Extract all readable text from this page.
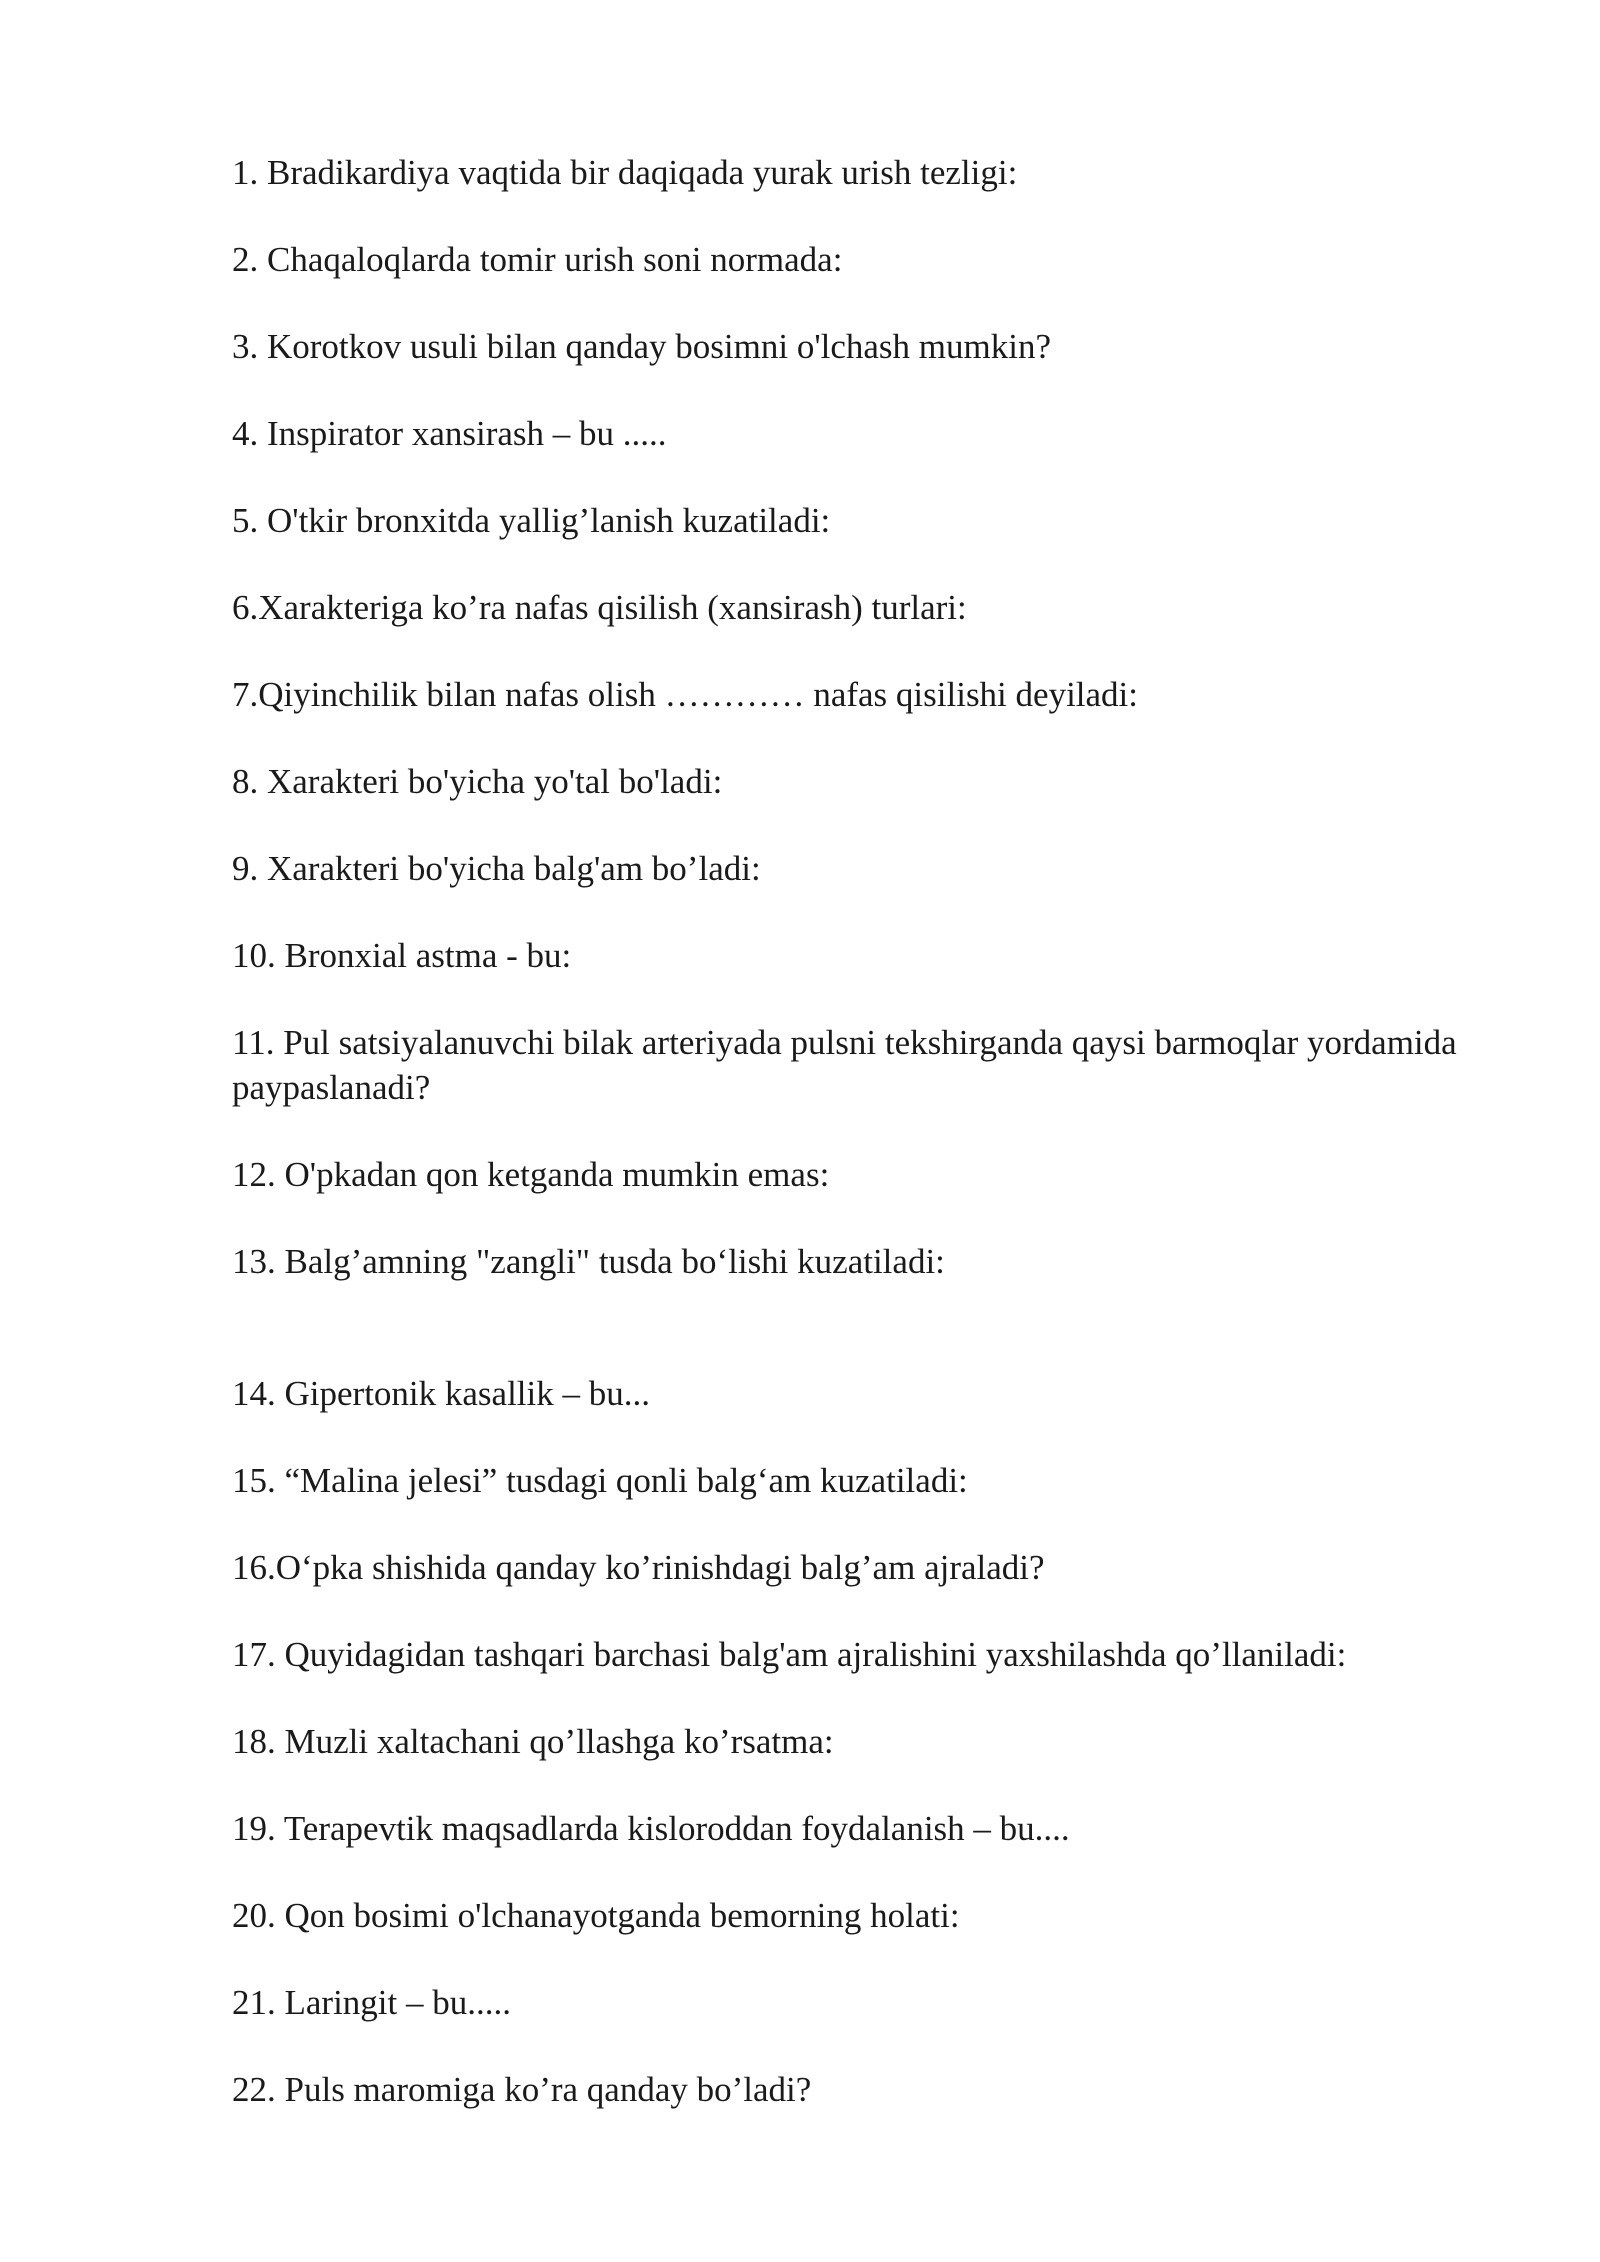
1. Bradikardiya vaqtida bir daqiqada yurak urish tezligi:
2. Chaqaloqlarda tomir urish soni normada:
3. Korotkov usuli bilan qanday bosimni o'lchash mumkin?
4. Inspirator xansirash – bu .....
5. O'tkir bronxitda yallig’lanish kuzatiladi:
6.Xarakteriga ko’ra nafas qisilish (xansirash) turlari:
7.Qiyinchilik bilan nafas olish ………… nafas qisilishi deyiladi:
8. Xarakteri bo'yicha yo'tal bo'ladi:
9. Xarakteri bo'yicha balg'am bo’ladi:
10. Bronxial astma - bu:
11. Pul satsiyalanuvchi bilak arteriyada pulsni tekshirganda qaysi barmoqlar yordamida paypaslanadi?
12. O'pkadan qon ketganda mumkin emas:
13. Balg’amning "zangli" tusda bo‘lishi kuzatiladi:
14. Gipertonik kasallik – bu...
15. “Malina jelesi” tusdagi qonli balg‘am kuzatiladi:
16.O‘pka shishida qanday ko’rinishdagi balg’am ajraladi?
17. Quyidagidan tashqari barchasi balg'am ajralishini yaxshilashda qo’llaniladi:
18. Muzli xaltachani qo’llashga ko’rsatma:
19. Terapevtik maqsadlarda kisloroddan foydalanish – bu....
20. Qon bosimi o'lchanayotganda bemorning holati:
21. Laringit – bu.....
22. Puls maromiga ko’ra qanday bo’ladi?
